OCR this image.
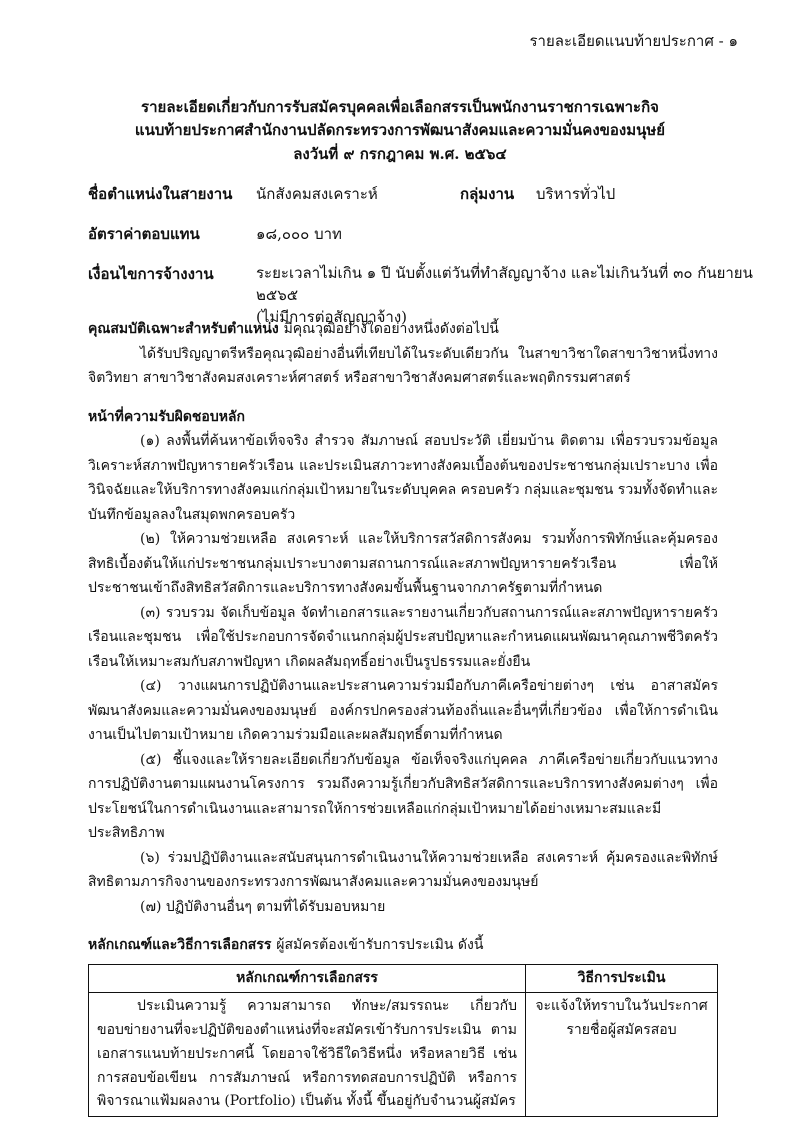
รายละเอียดแนบท้ายประกาศ - ๑
รายละเอียดเกี่ยวกับการรับสมัครบุคคลเพื่อเลือกสรรเป็นพนักงานราชการเฉพาะกิจ
แนบท้ายประกาศสำนักงานปลัดกระทรวงการพัฒนาสังคมและความมั่นคงของมนุษย์
ลงวันที่ ๙ กรกฎาคม พ.ศ. ๒๕๖๔
ชื่อตำแหน่งในสายงาน นักสังคมสงเคราะห์	กลุ่มงาน บริหารทั่วไป
อัตราค่าตอบแทน	๑๘,๐๐๐ บาท
เงื่อนไขการจ้างงาน	ระยะเวลาไม่เกิน ๑ ปี นับตั้งแต่วันที่ทำสัญญาจ้าง และไม่เกินวันที่ ๓๐ กันยายน ๒๕๖๕
(ไม่มีการต่อสัญญาจ้าง)
คุณสมบัติเฉพาะสำหรับตำแหน่ง มีคุณวุฒิอย่างใดอย่างหนึ่งดังต่อไปนี้

ได้รับปริญญาตรีหรือคุณวุฒิอย่างอื่นที่เทียบได้ในระดับเดียวกัน ในสาขาวิชาใดสาขาวิชาหนึ่งทางจิตวิทยา สาขาวิชาสังคมสงเคราะห์ศาสตร์ หรือสาขาวิชาสังคมศาสตร์และพฤติกรรมศาสตร์

หน้าที่ความรับผิดชอบหลัก

(๑) ลงพื้นที่ค้นหาข้อเท็จจริง สำรวจ สัมภาษณ์ สอบประวัติ เยี่ยมบ้าน ติดตาม เพื่อรวบรวมข้อมูล วิเคราะห์สภาพปัญหารายครัวเรือน และประเมินสภาวะทางสังคมเบื้องต้นของประชาชนกลุ่มเปราะบาง เพื่อวินิจฉัยและให้บริการทางสังคมแก่กลุ่มเป้าหมายในระดับบุคคล ครอบครัว กลุ่มและชุมชน รวมทั้งจัดทำและบันทึกข้อมูลลงในสมุดพกครอบครัว

(๒) ให้ความช่วยเหลือ สงเคราะห์ และให้บริการสวัสดิการสังคม รวมทั้งการพิทักษ์และคุ้มครองสิทธิเบื้องต้นให้แก่ประชาชนกลุ่มเปราะบางตามสถานการณ์และสภาพปัญหารายครัวเรือน เพื่อให้ประชาชนเข้าถึงสิทธิสวัสดิการและบริการทางสังคมขั้นพื้นฐานจากภาครัฐตามที่กำหนด

(๓) รวบรวม จัดเก็บข้อมูล จัดทำเอกสารและรายงานเกี่ยวกับสถานการณ์และสภาพปัญหารายครัวเรือนและชุมชน เพื่อใช้ประกอบการจัดจำแนกกลุ่มผู้ประสบปัญหาและกำหนดแผนพัฒนาคุณภาพชีวิตครัวเรือนให้เหมาะสมกับสภาพปัญหา เกิดผลสัมฤทธิ์อย่างเป็นรูปธรรมและยั่งยืน

(๔) วางแผนการปฏิบัติงานและประสานความร่วมมือกับภาคีเครือข่ายต่างๆ เช่น อาสาสมัครพัฒนาสังคมและความมั่นคงของมนุษย์ องค์กรปกครองส่วนท้องถิ่นและอื่นๆที่เกี่ยวข้อง เพื่อให้การดำเนินงานเป็นไปตามเป้าหมาย เกิดความร่วมมือและผลสัมฤทธิ์ตามที่กำหนด

(๕) ชี้แจงและให้รายละเอียดเกี่ยวกับข้อมูล ข้อเท็จจริงแก่บุคคล ภาคีเครือข่ายเกี่ยวกับแนวทางการปฏิบัติงานตามแผนงานโครงการ รวมถึงความรู้เกี่ยวกับสิทธิสวัสดิการและบริการทางสังคมต่างๆ เพื่อประโยชน์ในการดำเนินงานและสามารถให้การช่วยเหลือแก่กลุ่มเป้าหมายได้อย่างเหมาะสมและมีประสิทธิภาพ

(๖) ร่วมปฏิบัติงานและสนับสนุนการดำเนินงานให้ความช่วยเหลือ สงเคราะห์ คุ้มครองและพิทักษ์สิทธิตามภารกิจงานของกระทรวงการพัฒนาสังคมและความมั่นคงของมนุษย์

(๗) ปฏิบัติงานอื่นๆ ตามที่ได้รับมอบหมาย

หลักเกณฑ์และวิธีการเลือกสรร ผู้สมัครต้องเข้ารับการประเมิน ดังนี้
หลักเกณฑ์การเลือกสรร	วิธีการประเมิน
ประเมินความรู้ ความสามารถ ทักษะ/สมรรถนะ เกี่ยวกับขอบข่ายงานที่จะปฏิบัติของตำแหน่งที่จะสมัครเข้ารับการประเมิน ตามเอกสารแนบท้ายประกาศนี้ โดยอาจใช้วิธีใดวิธีหนึ่ง หรือหลายวิธี เช่น การสอบข้อเขียน การสัมภาษณ์ หรือการทดสอบการปฏิบัติ หรือการพิจารณาแฟ้มผลงาน (Portfolio) เป็นต้น ทั้งนี้ ขึ้นอยู่กับจำนวนผู้สมัคร	จะแจ้งให้ทราบในวันประกาศรายชื่อผู้สมัครสอบ
